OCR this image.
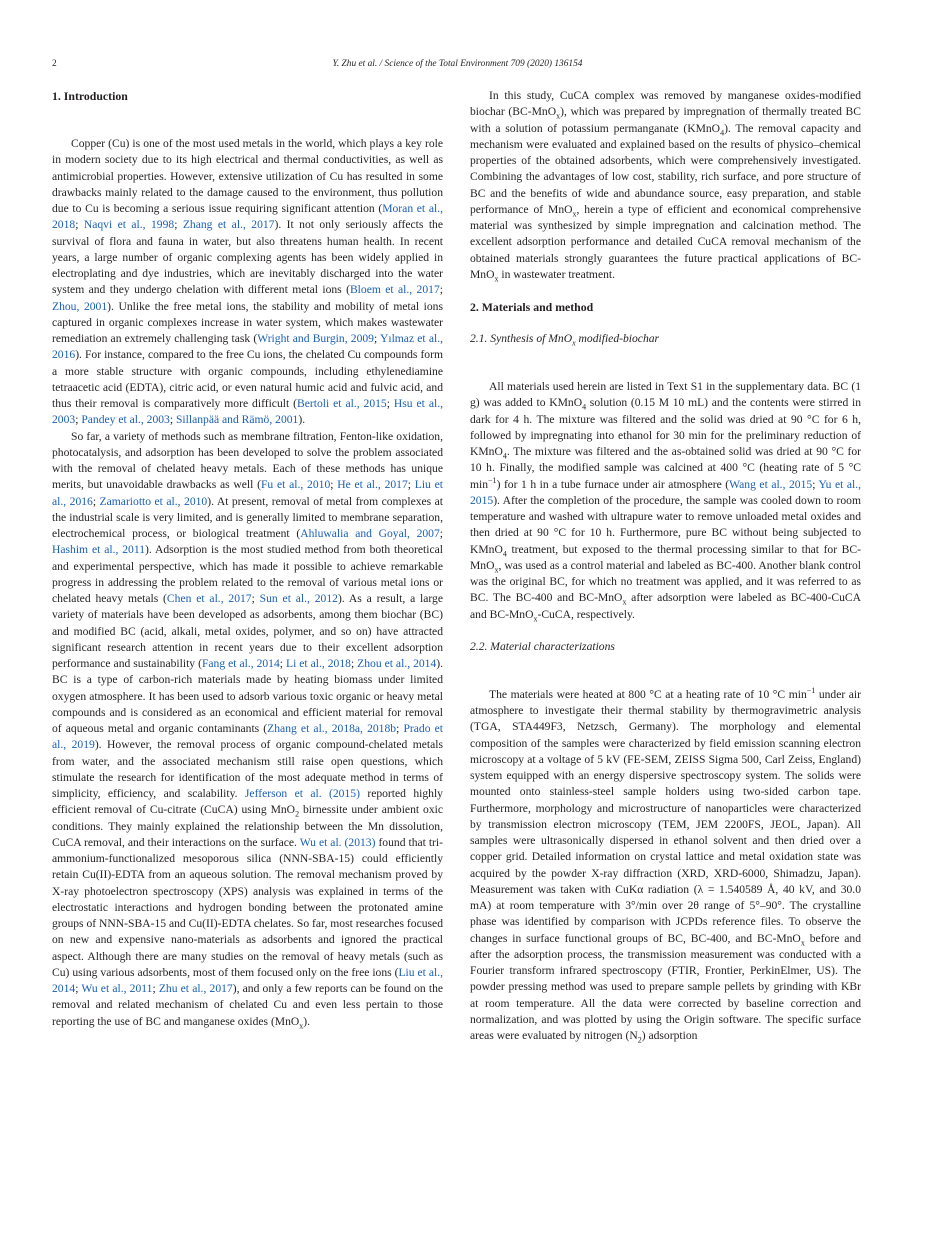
2	Y. Zhu et al. / Science of the Total Environment 709 (2020) 136154
1. Introduction

Copper (Cu) is one of the most used metals in the world, which plays a key role in modern society due to its high electrical and thermal conductivities, as well as antimicrobial properties. However, extensive utilization of Cu has resulted in some drawbacks mainly related to the damage caused to the environment, thus pollution due to Cu is becoming a serious issue requiring significant attention (Moran et al., 2018; Naqvi et al., 1998; Zhang et al., 2017). It not only seriously affects the survival of flora and fauna in water, but also threatens human health. In recent years, a large number of organic complexing agents has been widely applied in electroplating and dye industries, which are inevitably discharged into the water system and they undergo chelation with different metal ions (Bloem et al., 2017; Zhou, 2001). Unlike the free metal ions, the stability and mobility of metal ions captured in organic complexes increase in water system, which makes wastewater remediation an extremely challenging task (Wright and Burgin, 2009; Yılmaz et al., 2016). For instance, compared to the free Cu ions, the chelated Cu compounds form a more stable structure with organic compounds, including ethylenediamine tetraacetic acid (EDTA), citric acid, or even natural humic acid and fulvic acid, and thus their removal is comparatively more difficult (Bertoli et al., 2015; Hsu et al., 2003; Pandey et al., 2003; Sillanpää and Rämö, 2001).

So far, a variety of methods such as membrane filtration, Fenton-like oxidation, photocatalysis, and adsorption has been developed to solve the problem associated with the removal of chelated heavy metals. Each of these methods has unique merits, but unavoidable drawbacks as well (Fu et al., 2010; He et al., 2017; Liu et al., 2016; Zamariotto et al., 2010). At present, removal of metal from complexes at the industrial scale is very limited, and is generally limited to membrane separation, electrochemical process, or biological treatment (Ahluwalia and Goyal, 2007; Hashim et al., 2011). Adsorption is the most studied method from both theoretical and experimental perspective, which has made it possible to achieve remarkable progress in addressing the problem related to the removal of various metal ions or chelated heavy metals (Chen et al., 2017; Sun et al., 2012). As a result, a large variety of materials have been developed as adsorbents, among them biochar (BC) and modified BC (acid, alkali, metal oxides, polymer, and so on) have attracted significant research attention in recent years due to their excellent adsorption performance and sustainability (Fang et al., 2014; Li et al., 2018; Zhou et al., 2014). BC is a type of carbon-rich materials made by heating biomass under limited oxygen atmosphere. It has been used to adsorb various toxic organic or heavy metal compounds and is considered as an economical and efficient material for removal of aqueous metal and organic contaminants (Zhang et al., 2018a, 2018b; Prado et al., 2019). However, the removal process of organic compound-chelated metals from water, and the associated mechanism still raise open questions, which stimulate the research for identification of the most adequate method in terms of simplicity, efficiency, and scalability. Jefferson et al. (2015) reported highly efficient removal of Cu-citrate (CuCA) using MnO$_2$ birnessite under ambient oxic conditions. They mainly explained the relationship between the Mn dissolution, CuCA removal, and their interactions on the surface. Wu et al. (2013) found that tri-ammonium-functionalized mesoporous silica (NNN-SBA-15) could efficiently retain Cu(II)-EDTA from an aqueous solution. The removal mechanism proved by X-ray photoelectron spectroscopy (XPS) analysis was explained in terms of the electrostatic interactions and hydrogen bonding between the protonated amine groups of NNN-SBA-15 and Cu(II)-EDTA chelates. So far, most researches focused on new and expensive nano-materials as adsorbents and ignored the practical aspect. Although there are many studies on the removal of heavy metals (such as Cu) using various adsorbents, most of them focused only on the free ions (Liu et al., 2014; Wu et al., 2011; Zhu et al., 2017), and only a few reports can be found on the removal and related mechanism of chelated Cu and even less pertain to those reporting the use of BC and manganese oxides (MnO$_x$).

In this study, CuCA complex was removed by manganese oxides-modified biochar (BC-MnO$_x$), which was prepared by impregnation of thermally treated BC with a solution of potassium permanganate (KMnO$_4$). The removal capacity and mechanism were evaluated and explained based on the results of physico–chemical properties of the obtained adsorbents, which were comprehensively investigated. Combining the advantages of low cost, stability, rich surface, and pore structure of BC and the benefits of wide and abundance source, easy preparation, and stable performance of MnO$_x$, herein a type of efficient and economical comprehensive material was synthesized by simple impregnation and calcination method. The excellent adsorption performance and detailed CuCA removal mechanism of the obtained materials strongly guarantees the future practical applications of BC-MnO$_x$ in wastewater treatment.

2. Materials and method
2.1. Synthesis of MnO$_x$ modified-biochar

All materials used herein are listed in Text S1 in the supplementary data. BC (1 g) was added to KMnO$_4$ solution (0.15 M 10 mL) and the contents were stirred in dark for 4 h. The mixture was filtered and the solid was dried at 90 °C for 6 h, followed by impregnating into ethanol for 30 min for the preliminary reduction of KMnO$_4$. The mixture was filtered and the as-obtained solid was dried at 90 °C for 10 h. Finally, the modified sample was calcined at 400 °C (heating rate of 5 °C $\min^{-1}$) for 1 h in a tube furnace under air atmosphere (Wang et al., 2015; Yu et al., 2015). After the completion of the procedure, the sample was cooled down to room temperature and washed with ultrapure water to remove unloaded metal oxides and then dried at 90 °C for 10 h. Furthermore, pure BC without being subjected to KMnO$_4$ treatment, but exposed to the thermal processing similar to that for BC-MnO$_x$, was used as a control material and labeled as BC-400. Another blank control was the original BC, for which no treatment was applied, and it was referred to as BC. The BC-400 and BC-MnO$_x$ after adsorption were labeled as BC-400-CuCA and BC-MnO$_x$-CuCA, respectively.

2.2. Material characterizations

The materials were heated at 800 °C at a heating rate of 10 °C $\min^{-1}$ under air atmosphere to investigate their thermal stability by thermogravimetric analysis (TGA, STA449F3, Netzsch, Germany). The morphology and elemental composition of the samples were characterized by field emission scanning electron microscopy at a voltage of 5 kV (FE-SEM, ZEISS Sigma 500, Carl Zeiss, England) system equipped with an energy dispersive spectroscopy system. The solids were mounted onto stainless-steel sample holders using two-sided carbon tape. Furthermore, morphology and microstructure of nanoparticles were characterized by transmission electron microscopy (TEM, JEM 2200FS, JEOL, Japan). All samples were ultrasonically dispersed in ethanol solvent and then dried over a copper grid. Detailed information on crystal lattice and metal oxidation state was acquired by the powder X-ray diffraction (XRD, XRD-6000, Shimadzu, Japan). Measurement was taken with CuKα radiation (λ = 1.540589 Å, 40 kV, and 30.0 mA) at room temperature with 3°/min over 2θ range of 5°–90°. The crystalline phase was identified by comparison with JCPDs reference files. To observe the changes in surface functional groups of BC, BC-400, and BC-MnO$_x$ before and after the adsorption process, the transmission measurement was conducted with a Fourier transform infrared spectroscopy (FTIR, Frontier, PerkinElmer, US). The powder pressing method was used to prepare sample pellets by grinding with KBr at room temperature. All the data were corrected by baseline correction and normalization, and was plotted by using the Origin software. The specific surface areas were evaluated by nitrogen $(N_2)$ adsorption
